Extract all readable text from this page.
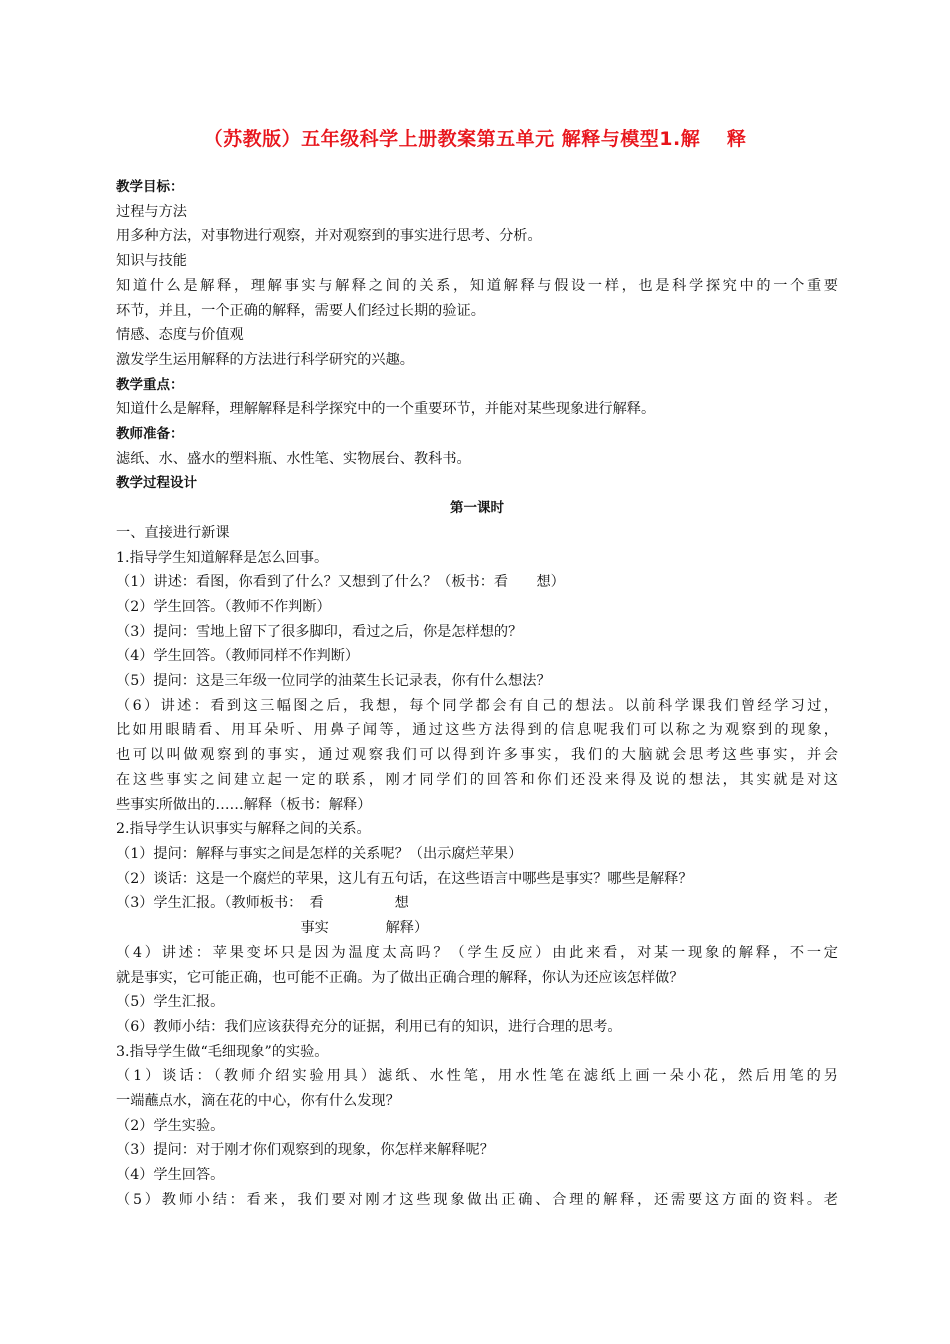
（苏教版）五年级科学上册教案第五单元 解释与模型1.解　 释

教学目标：

过程与方法

用多种方法，对事物进行观察，并对观察到的事实进行思考、分析。

知识与技能

知道什么是解释，理解事实与解释之间的关系，知道解释与假设一样，也是科学探究中的一个重要

环节，并且，一个正确的解释，需要人们经过长期的验证。

情感、态度与价值观

激发学生运用解释的方法进行科学研究的兴趣。

教学重点：

知道什么是解释，理解解释是科学探究中的一个重要环节，并能对某些现象进行解释。

教师准备：

滤纸、水、盛水的塑料瓶、水性笔、实物展台、教科书。

教学过程设计

第一课时

一、直接进行新课

1.指导学生知道解释是怎么回事。

（1）讲述：看图，你看到了什么？又想到了什么？（板书：看　　想）

（2）学生回答。（教师不作判断）

（3）提问：雪地上留下了很多脚印，看过之后，你是怎样想的？

（4）学生回答。（教师同样不作判断）

（5）提问：这是三年级一位同学的油菜生长记录表，你有什么想法？

（6）讲述：看到这三幅图之后，我想，每个同学都会有自己的想法。以前科学课我们曾经学习过，

比如用眼睛看、用耳朵听、用鼻子闻等，通过这些方法得到的信息呢我们可以称之为观察到的现象，

也可以叫做观察到的事实，通过观察我们可以得到许多事实，我们的大脑就会思考这些事实，并会

在这些事实之间建立起一定的联系，刚才同学们的回答和你们还没来得及说的想法，其实就是对这

些事实所做出的……解释（板书：解释）

2.指导学生认识事实与解释之间的关系。

（1）提问：解释与事实之间是怎样的关系呢？（出示腐烂苹果）

（2）谈话：这是一个腐烂的苹果，这儿有五句话，在这些语言中哪些是事实？哪些是解释？

（3）学生汇报。（教师板书：　看　　　　　想

　　　　　　　　　　　　　事实　　　　解释）

（4）讲述：苹果变坏只是因为温度太高吗？（学生反应）由此来看，对某一现象的解释，不一定

就是事实，它可能正确，也可能不正确。为了做出正确合理的解释，你认为还应该怎样做？

（5）学生汇报。

（6）教师小结：我们应该获得充分的证据，利用已有的知识，进行合理的思考。

3.指导学生做“毛细现象”的实验。

（1）谈话：（教师介绍实验用具）滤纸、水性笔，用水性笔在滤纸上画一朵小花，然后用笔的另

一端蘸点水，滴在花的中心，你有什么发现？

（2）学生实验。

（3）提问：对于刚才你们观察到的现象，你怎样来解释呢？

（4）学生回答。

（5）教师小结：看来，我们要对刚才这些现象做出正确、合理的解释，还需要这方面的资料。老
